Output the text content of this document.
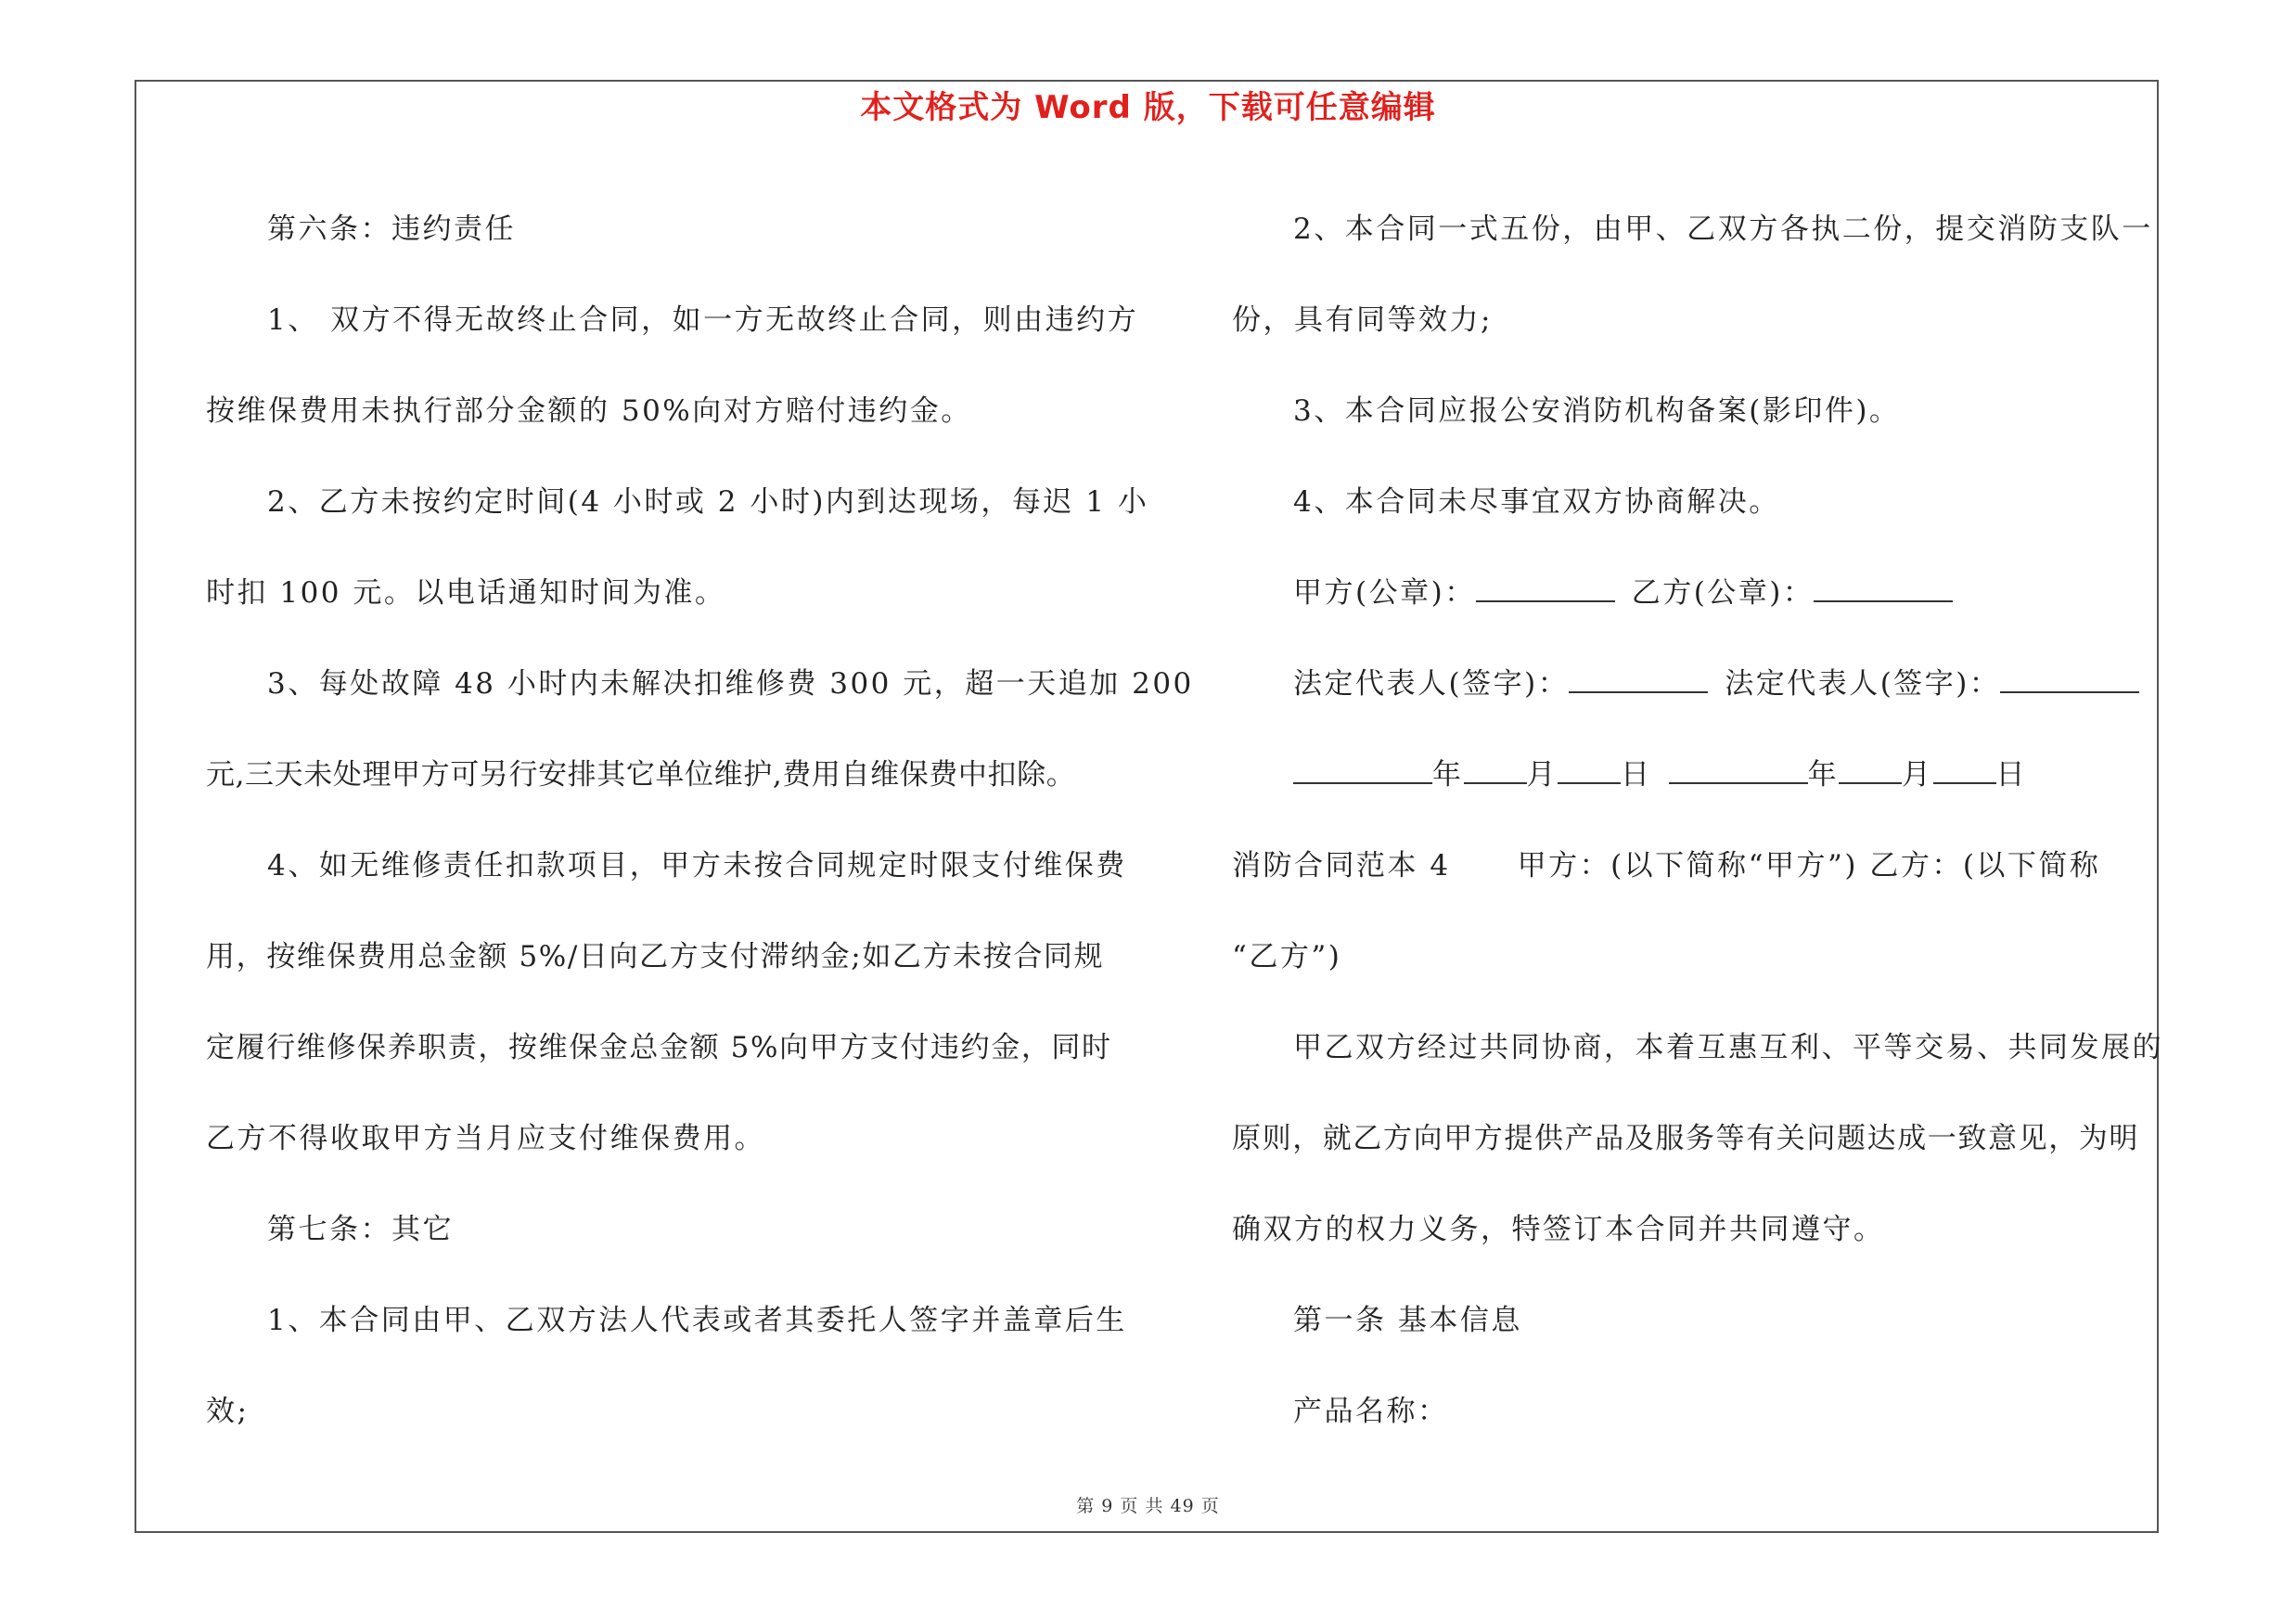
本文格式为 Word 版，下载可任意编辑

第六条：违约责任

1、 双方不得无故终止合同，如一方无故终止合同，则由违约方

按维保费用未执行部分金额的 50%向对方赔付违约金。

2、乙方未按约定时间(4 小时或 2 小时)内到达现场，每迟 1 小

时扣 100 元。以电话通知时间为准。

3、每处故障 48 小时内未解决扣维修费 300 元，超一天追加 200

元,三天未处理甲方可另行安排其它单位维护,费用自维保费中扣除。

4、如无维修责任扣款项目，甲方未按合同规定时限支付维保费

用，按维保费用总金额 5%/日向乙方支付滞纳金;如乙方未按合同规

定履行维修保养职责，按维保金总金额 5%向甲方支付违约金，同时

乙方不得收取甲方当月应支付维保费用。

第七条：其它

1、本合同由甲、乙双方法人代表或者其委托人签字并盖章后生

效;

2、本合同一式五份，由甲、乙双方各执二份，提交消防支队一

份，具有同等效力;

3、本合同应报公安消防机构备案(影印件)。

4、本合同未尽事宜双方协商解决。

甲方(公章)：	乙方(公章)：

法定代表人(签字)：	法定代表人(签字)：

年 月 日	年 月 日

消防合同范本 4 甲方：(以下简称“甲方”) 乙方：(以下简称

“乙方”)

甲乙双方经过共同协商，本着互惠互利、平等交易、共同发展的

原则，就乙方向甲方提供产品及服务等有关问题达成一致意见，为明

确双方的权力义务，特签订本合同并共同遵守。

第一条 基本信息

产品名称：

第 9 页 共 49 页
